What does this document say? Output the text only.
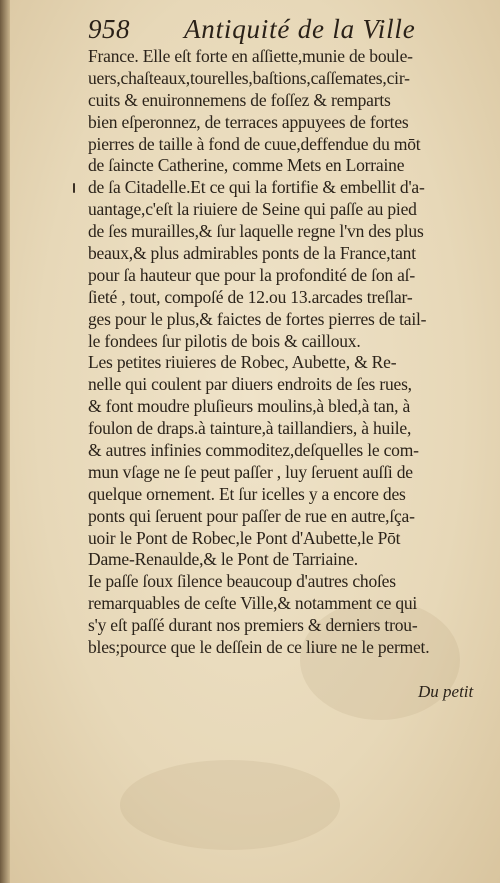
958 Antiquité de la Ville
France. Elle eſt forte en aſſiette,munie de boule-
uers,chaſteaux,tourelles,baſtions,caſſemates,cir-
cuits & enuironnemens de foſſez & remparts
bien eſperonnez, de terraces appuyees de fortes
pierres de taille à fond de cuue,deffendue du mōt
de ſaincte Catherine, comme Mets en Lorraine
de ſa Citadelle.Et ce qui la fortifie & embellit d'a-
uantage,c'eſt la riuiere de Seine qui paſſe au pied
de ſes murailles,& ſur laquelle regne l'vn des plus
beaux,& plus admirables ponts de la France,tant
pour ſa hauteur que pour la profondité de ſon aſ-
ſieté , tout, compoſé de 12.ou 13.arcades treſlar-
ges pour le plus,& faictes de fortes pierres de tail-
le fondees ſur pilotis de bois & cailloux.
Les petites riuieres de Robec, Aubette, & Re-
nelle qui coulent par diuers endroits de ſes rues,
& font moudre pluſieurs moulins,à bled,à tan, à
foulon de draps.à tainture,à taillandiers, à huile,
& autres infinies commoditez,deſquelles le com-
mun vſage ne ſe peut paſſer , luy ſeruent auſſi de
quelque ornement. Et ſur icelles y a encore des
ponts qui ſeruent pour paſſer de rue en autre,ſça-
uoir le Pont de Robec,le Pont d'Aubette,le Pōt
Dame-Renaulde,& le Pont de Tarriaine.
Ie paſſe ſoux ſilence beaucoup d'autres choſes
remarquables de ceſte Ville,& notamment ce qui
s'y eſt paſſé durant nos premiers & derniers trou-
bles;pource que le deſſein de ce liure ne le permet.
Du petit
